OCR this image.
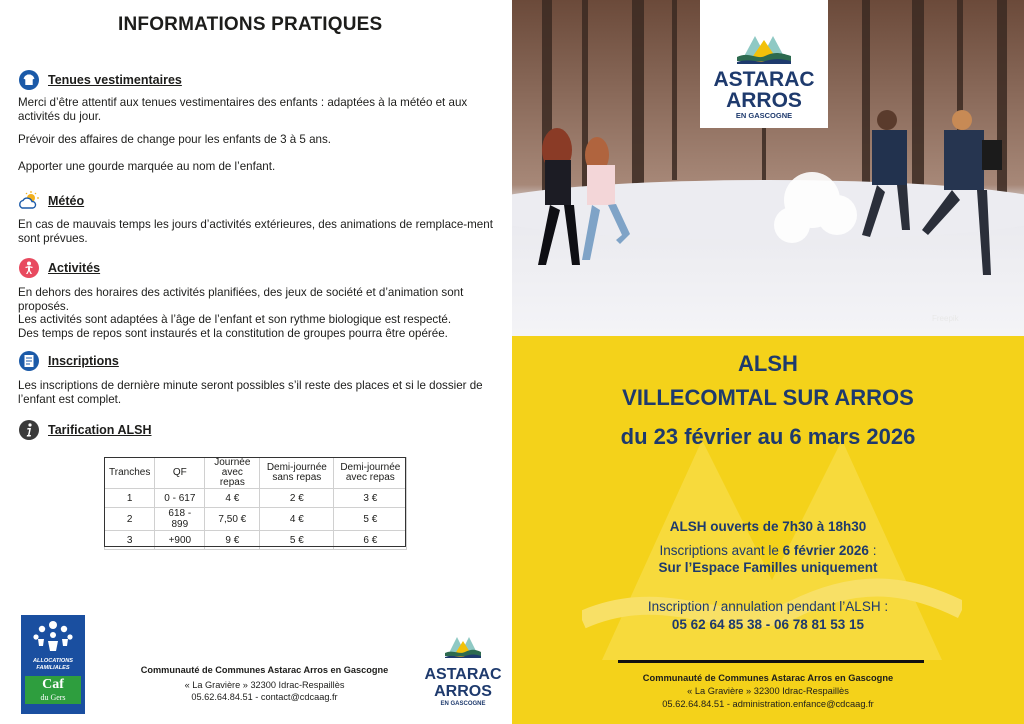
INFORMATIONS PRATIQUES
Tenues vestimentaires
Merci d’être attentif aux tenues vestimentaires des enfants : adaptées à la météo et aux activités du jour.
Prévoir des affaires de change pour les enfants de 3 à 5 ans.
Apporter une gourde marquée au nom de l’enfant.
Météo
En cas de mauvais temps les jours d’activités extérieures, des animations de remplace-ment sont prévues.
Activités
En dehors des horaires des activités planifiées, des jeux de société et d’animation sont proposés.
Les activités sont adaptées à l’âge de l’enfant et son rythme biologique est respecté.
Des temps de repos sont instaurés et la constitution de groupes pourra être opérée.
Inscriptions
Les inscriptions de dernière minute seront possibles s’il reste des places et si le dossier de l’enfant est complet.
Tarification ALSH
Tranches	QF	Journée avec repas	Demi-journée sans repas	Demi-journée avec repas
1	0 - 617	4 €	2 €	3 €
2	618 - 899	7,50 €	4 €	5 €
3	+900	9 €	5 €	6 €
ALLOCATIONS
FAMILIALES
Caf
du Gers
Communauté de Communes Astarac Arros en Gascogne
« La Gravière » 32300 Idrac-Respaillès
05.62.64.84.51 - contact@cdcaag.fr
ASTARAC
ARROS
EN GASCOGNE
Freepik
ASTARAC
ARROS
EN GASCOGNE
ALSH
VILLECOMTAL SUR ARROS
du 23 février au 6 mars 2026
ALSH ouverts de 7h30 à 18h30
Inscriptions avant le 6 février 2026 :
Sur l’Espace Familles uniquement
Inscription / annulation pendant l’ALSH :
05 62 64 85 38 - 06 78 81 53 15
Communauté de Communes Astarac Arros en Gascogne
« La Gravière » 32300 Idrac-Respaillès
05.62.64.84.51 - administration.enfance@cdcaag.fr
